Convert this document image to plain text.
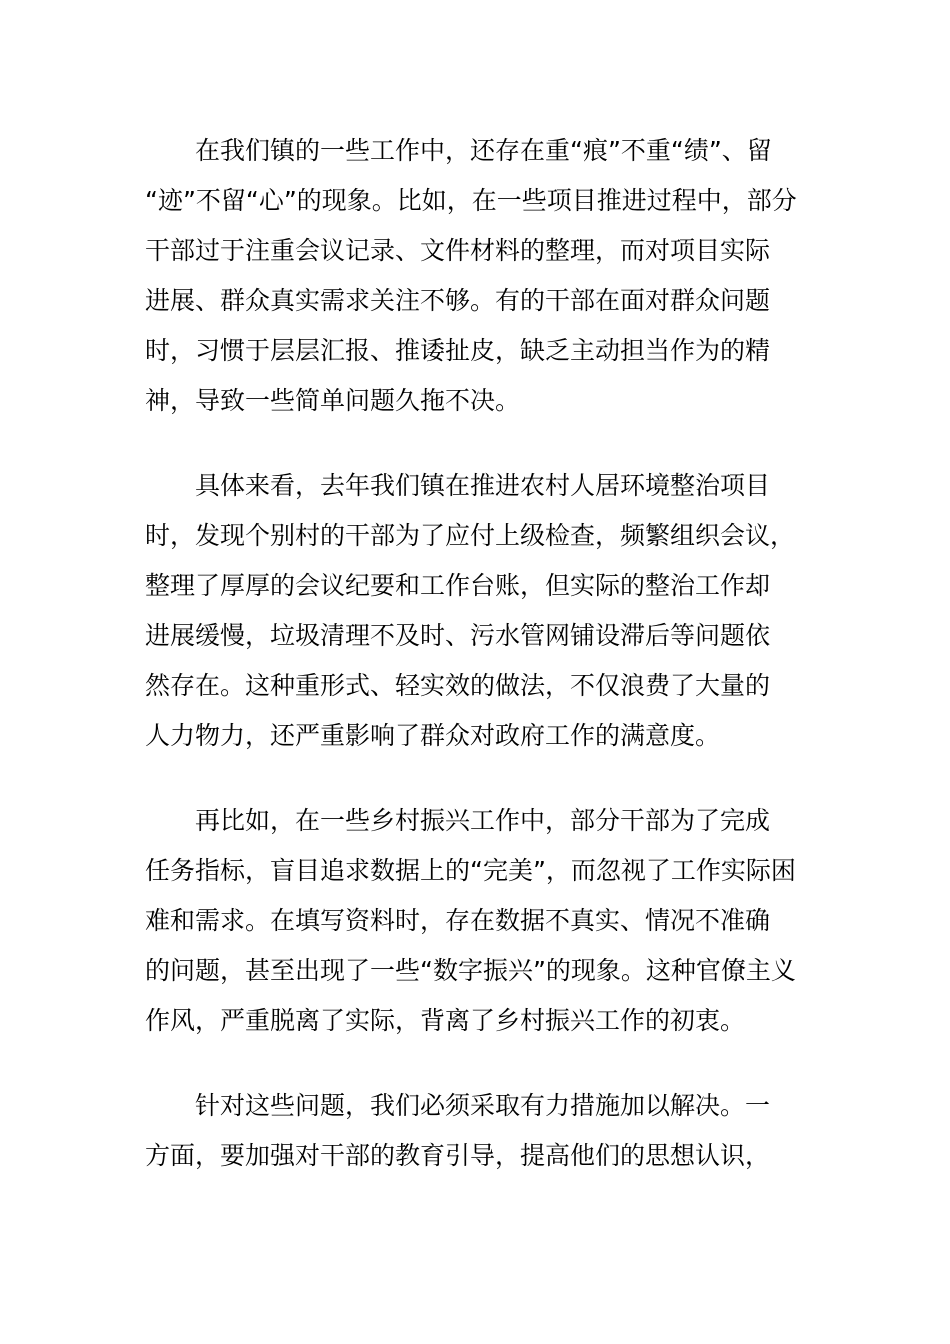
在我们镇的一些工作中，还存在重“痕”不重“绩”、留
“迹”不留“心”的现象。比如，在一些项目推进过程中，部分
干部过于注重会议记录、文件材料的整理，而对项目实际
进展、群众真实需求关注不够。有的干部在面对群众问题
时，习惯于层层汇报、推诿扯皮，缺乏主动担当作为的精
神，导致一些简单问题久拖不决。

具体来看，去年我们镇在推进农村人居环境整治项目
时，发现个别村的干部为了应付上级检查，频繁组织会议，
整理了厚厚的会议纪要和工作台账，但实际的整治工作却
进展缓慢，垃圾清理不及时、污水管网铺设滞后等问题依
然存在。这种重形式、轻实效的做法，不仅浪费了大量的
人力物力，还严重影响了群众对政府工作的满意度。

再比如，在一些乡村振兴工作中，部分干部为了完成
任务指标，盲目追求数据上的“完美”，而忽视了工作实际困
难和需求。在填写资料时，存在数据不真实、情况不准确
的问题，甚至出现了一些“数字振兴”的现象。这种官僚主义
作风，严重脱离了实际，背离了乡村振兴工作的初衷。

针对这些问题，我们必须采取有力措施加以解决。一
方面，要加强对干部的教育引导，提高他们的思想认识，
